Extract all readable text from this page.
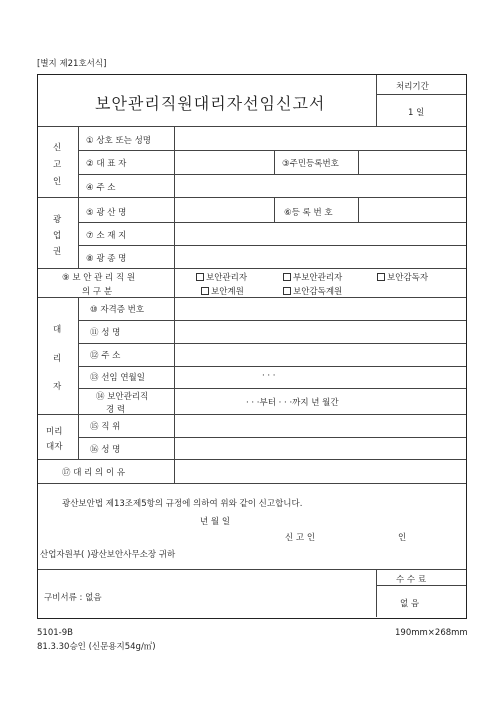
[별지 제21호서식]
보안관리직원대리자선임신고서
처리기간
1 일
신
고
인
① 상호 또는 성명
② 대 표 자	③주민등록번호
④ 주 소
광
업
권
⑤ 광 산 명	⑥등 록 번 호
⑦ 소 재 지
⑧ 광 종 명
⑨ 보 안 관 리 직 원
의 구 분
보안관리자	부보안관리자	보안감독자
보안계원	보안감독계원
대
리
자
⑩ 자격증 번호
⑪ 성 명
⑫ 주 소
⑬ 선임 연월일	· · ·
⑭ 보안관리직
경 력
· · ·부터 · · ·까지 년 월간
미리
대자
⑮ 직 위
⑯ 성 명
⑰ 대 리 의 이 유
광산보안법 제13조제5항의 규정에 의하여 위와 같이 신고합니다.
년 월 일
신 고 인	인
산업자원부( )광산보안사무소장 귀하
구비서류 : 없음
수 수 료
없 음
5101-9B
81.3.30승인 (신문용지54g/㎡)
190mm×268mm
